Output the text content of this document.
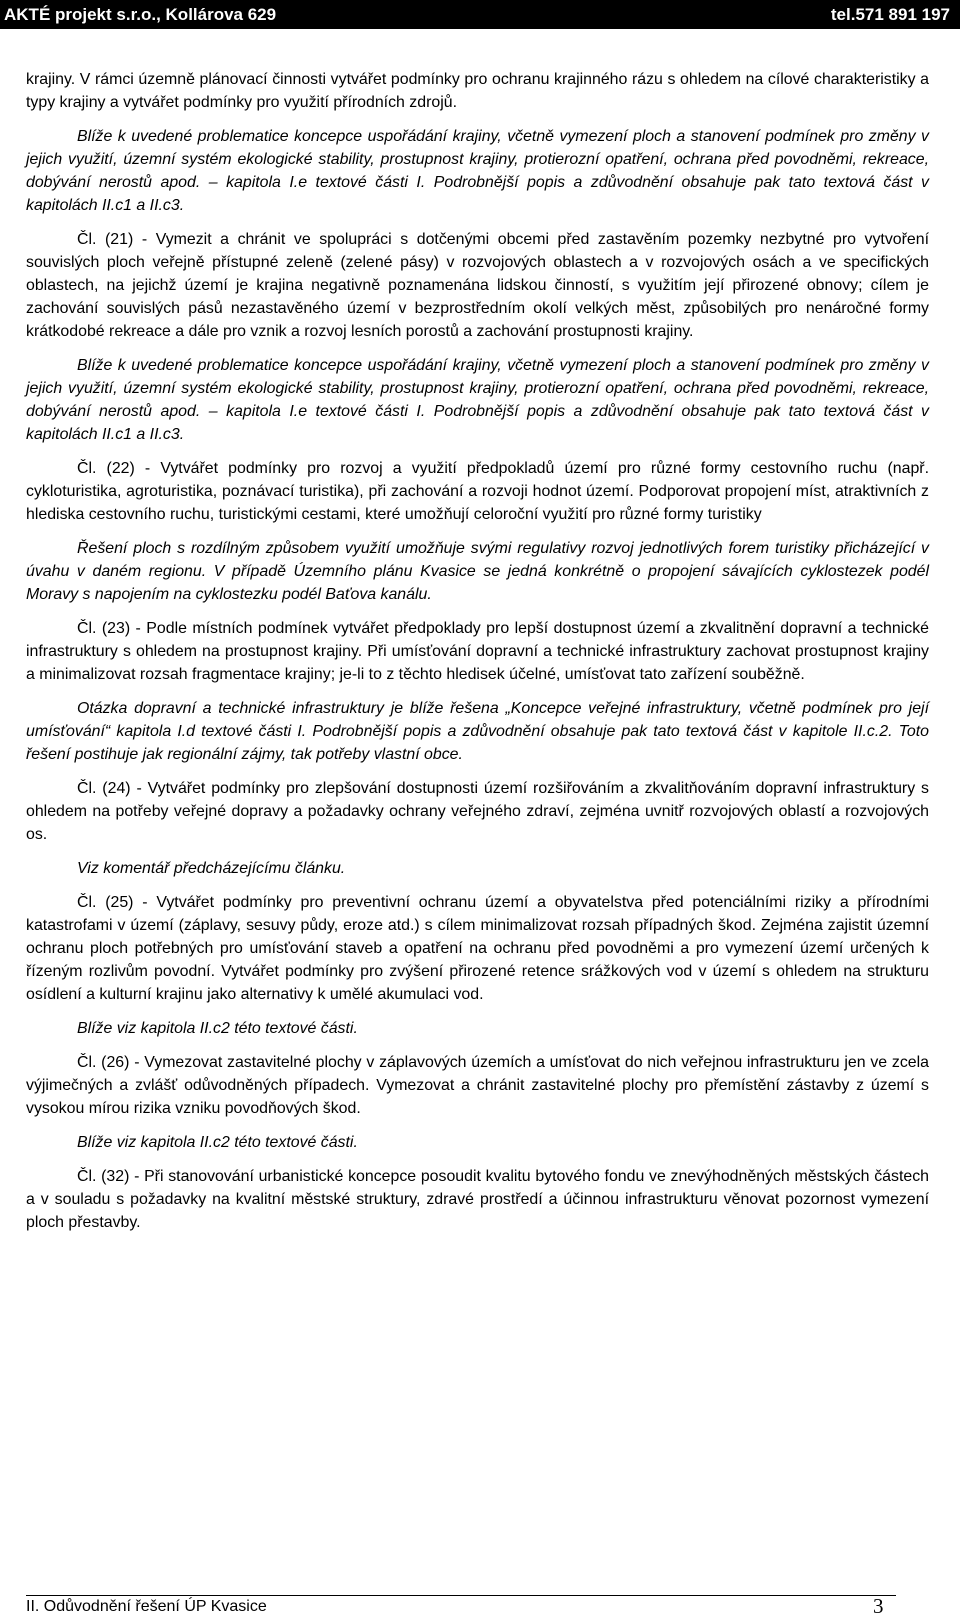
AKTÉ projekt s.r.o., Kollárova 629	tel.571 891 197

krajiny. V rámci územně plánovací činnosti vytvářet podmínky pro ochranu krajinného rázu s ohledem na cílové charakteristiky a typy krajiny a vytvářet podmínky pro využití přírodních zdrojů.

Blíže k uvedené problematice koncepce uspořádání krajiny, včetně vymezení ploch a stanovení podmínek pro změny v jejich využití, územní systém ekologické stability, prostupnost krajiny, protierozní opatření, ochrana před povodněmi, rekreace, dobývání nerostů apod. – kapitola I.e textové části I. Podrobnější popis a zdůvodnění obsahuje pak tato textová část v kapitolách II.c1 a II.c3.

Čl. (21) - Vymezit a chránit ve spolupráci s dotčenými obcemi před zastavěním pozemky nezbytné pro vytvoření souvislých ploch veřejně přístupné zeleně (zelené pásy) v rozvojových oblastech a v rozvojových osách a ve specifických oblastech, na jejichž území je krajina negativně poznamenána lidskou činností, s využitím její přirozené obnovy; cílem je zachování souvislých pásů nezastavěného území v bezprostředním okolí velkých měst, způsobilých pro nenáročné formy krátkodobé rekreace a dále pro vznik a rozvoj lesních porostů a zachování prostupnosti krajiny.

Blíže k uvedené problematice koncepce uspořádání krajiny, včetně vymezení ploch a stanovení podmínek pro změny v jejich využití, územní systém ekologické stability, prostupnost krajiny, protierozní opatření, ochrana před povodněmi, rekreace, dobývání nerostů apod. – kapitola I.e textové části I. Podrobnější popis a zdůvodnění obsahuje pak tato textová část v kapitolách II.c1 a II.c3.

Čl. (22) - Vytvářet podmínky pro rozvoj a využití předpokladů území pro různé formy cestovního ruchu (např. cykloturistika, agroturistika, poznávací turistika), při zachování a rozvoji hodnot území. Podporovat propojení míst, atraktivních z hlediska cestovního ruchu, turistickými cestami, které umožňují celoroční využití pro různé formy turistiky

Řešení ploch s rozdílným způsobem využití umožňuje svými regulativy rozvoj jednotlivých forem turistiky přicházející v úvahu v daném regionu. V případě Územního plánu Kvasice se jedná konkrétně o propojení sávajících cyklostezek podél Moravy s napojením na cyklostezku podél Baťova kanálu.

Čl. (23) - Podle místních podmínek vytvářet předpoklady pro lepší dostupnost území a zkvalitnění dopravní a technické infrastruktury s ohledem na prostupnost krajiny. Při umísťování dopravní a technické infrastruktury zachovat prostupnost krajiny a minimalizovat rozsah fragmentace krajiny; je-li to z těchto hledisek účelné, umísťovat tato zařízení souběžně.

Otázka dopravní a technické infrastruktury je blíže řešena „Koncepce veřejné infrastruktury, včetně podmínek pro její umísťování“ kapitola I.d textové části I. Podrobnější popis a zdůvodnění obsahuje pak tato textová část v kapitole II.c.2. Toto řešení postihuje jak regionální zájmy, tak potřeby vlastní obce.

Čl. (24) - Vytvářet podmínky pro zlepšování dostupnosti území rozšiřováním a zkvalitňováním dopravní infrastruktury s ohledem na potřeby veřejné dopravy a požadavky ochrany veřejného zdraví, zejména uvnitř rozvojových oblastí a rozvojových os.

Viz komentář předcházejícímu článku.

Čl. (25) - Vytvářet podmínky pro preventivní ochranu území a obyvatelstva před potenciálními riziky a přírodními katastrofami v území (záplavy, sesuvy půdy, eroze atd.) s cílem minimalizovat rozsah případných škod. Zejména zajistit územní ochranu ploch potřebných pro umísťování staveb a opatření na ochranu před povodněmi a pro vymezení území určených k řízeným rozlivům povodní. Vytvářet podmínky pro zvýšení přirozené retence srážkových vod v území s ohledem na strukturu osídlení a kulturní krajinu jako alternativy k umělé akumulaci vod.

Blíže viz kapitola II.c2 této textové části.

Čl. (26) - Vymezovat zastavitelné plochy v záplavových územích a umísťovat do nich veřejnou infrastrukturu jen ve zcela výjimečných a zvlášť odůvodněných případech. Vymezovat a chránit zastavitelné plochy pro přemístění zástavby z území s vysokou mírou rizika vzniku povodňových škod.

Blíže viz kapitola II.c2 této textové části.

Čl. (32) - Při stanovování urbanistické koncepce posoudit kvalitu bytového fondu ve znevýhodněných městských částech a v souladu s požadavky na kvalitní městské struktury, zdravé prostředí a účinnou infrastrukturu věnovat pozornost vymezení ploch přestavby.

II. Odůvodnění řešení ÚP Kvasice	3
